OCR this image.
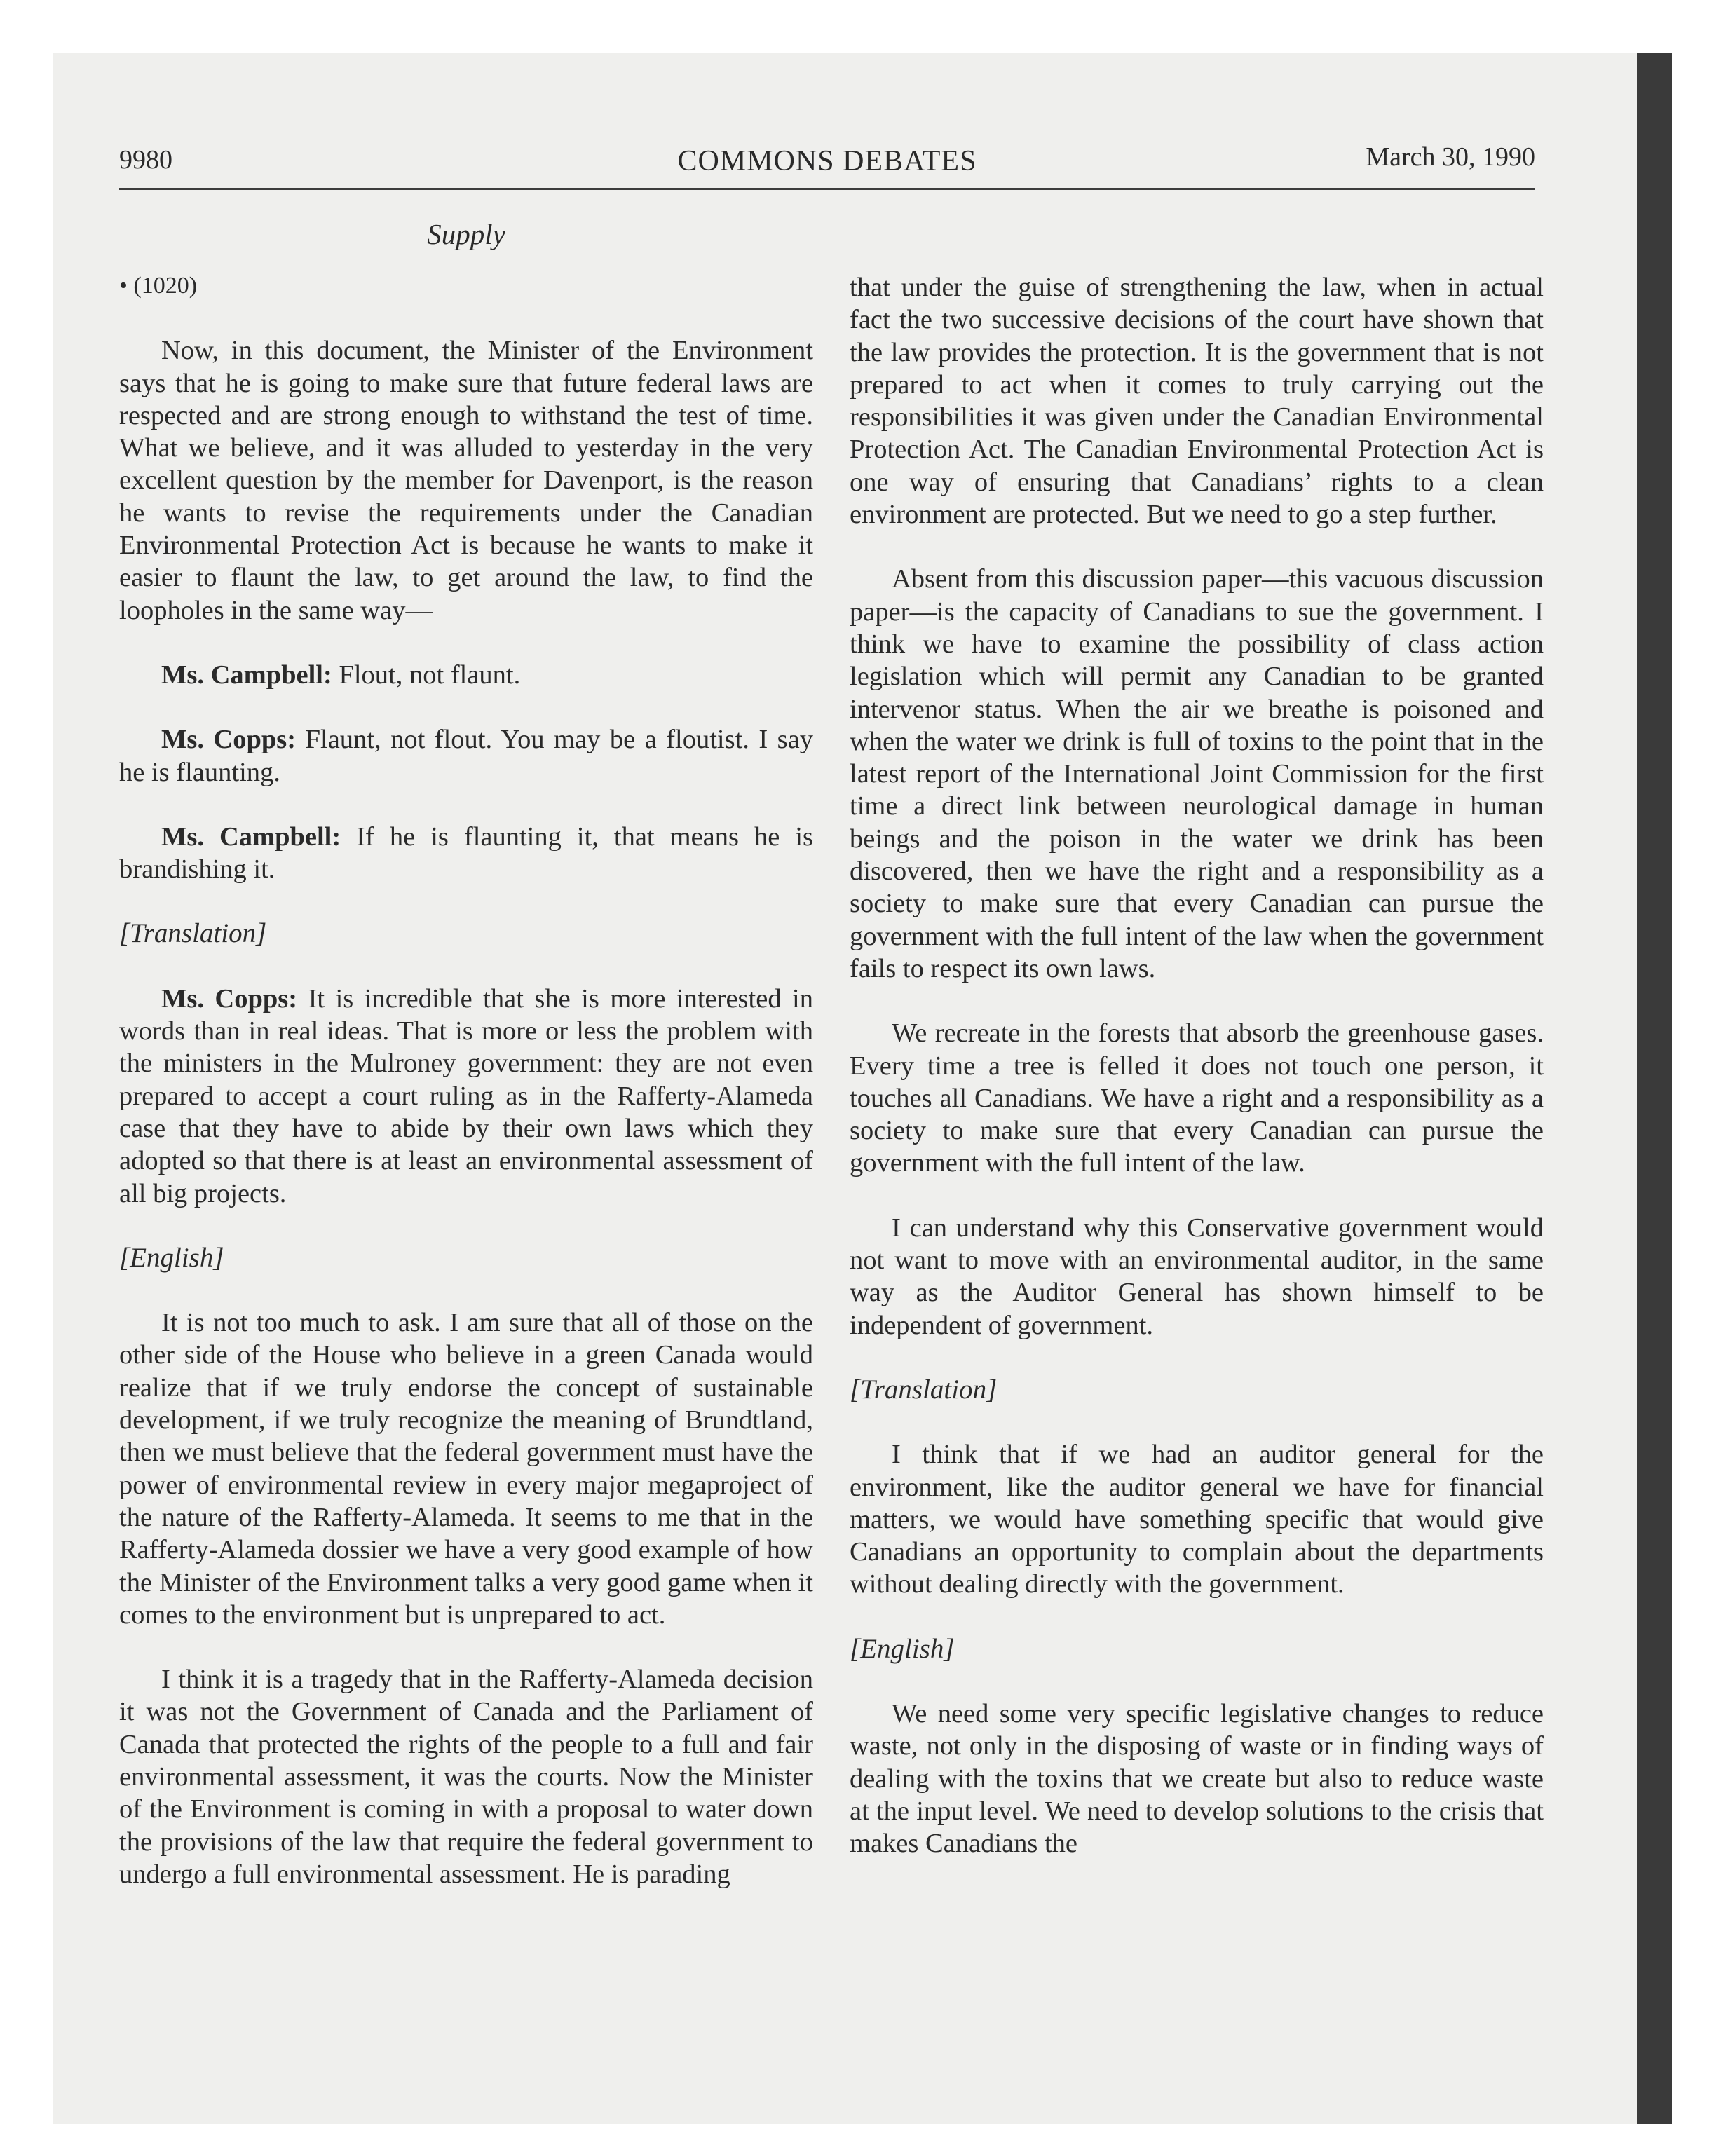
9980	COMMONS DEBATES	March 30, 1990
Supply
• (1020)

Now, in this document, the Minister of the Environment says that he is going to make sure that future federal laws are respected and are strong enough to withstand the test of time. What we believe, and it was alluded to yesterday in the very excellent question by the member for Davenport, is the reason he wants to revise the requirements under the Canadian Environmental Protection Act is because he wants to make it easier to flaunt the law, to get around the law, to find the loopholes in the same way—

Ms. Campbell: Flout, not flaunt.

Ms. Copps: Flaunt, not flout. You may be a floutist. I say he is flaunting.

Ms. Campbell: If he is flaunting it, that means he is brandishing it.

[Translation]

Ms. Copps: It is incredible that she is more interested in words than in real ideas. That is more or less the problem with the ministers in the Mulroney government: they are not even prepared to accept a court ruling as in the Rafferty-Alameda case that they have to abide by their own laws which they adopted so that there is at least an environmental assessment of all big projects.

[English]

It is not too much to ask. I am sure that all of those on the other side of the House who believe in a green Canada would realize that if we truly endorse the concept of sustainable development, if we truly recognize the meaning of Brundtland, then we must believe that the federal government must have the power of environmental review in every major megaproject of the nature of the Rafferty-Alameda. It seems to me that in the Rafferty-Alameda dossier we have a very good example of how the Minister of the Environment talks a very good game when it comes to the environment but is unprepared to act.

I think it is a tragedy that in the Rafferty-Alameda decision it was not the Government of Canada and the Parliament of Canada that protected the rights of the people to a full and fair environmental assessment, it was the courts. Now the Minister of the Environment is coming in with a proposal to water down the provisions of the law that require the federal government to undergo a full environmental assessment. He is parading

that under the guise of strengthening the law, when in actual fact the two successive decisions of the court have shown that the law provides the protection. It is the government that is not prepared to act when it comes to truly carrying out the responsibilities it was given under the Canadian Environmental Protection Act. The Canadian Environmental Protection Act is one way of ensuring that Canadians’ rights to a clean environment are protected. But we need to go a step further.

Absent from this discussion paper—this vacuous discussion paper—is the capacity of Canadians to sue the government. I think we have to examine the possibility of class action legislation which will permit any Canadian to be granted intervenor status. When the air we breathe is poisoned and when the water we drink is full of toxins to the point that in the latest report of the International Joint Commission for the first time a direct link between neurological damage in human beings and the poison in the water we drink has been discovered, then we have the right and a responsibility as a society to make sure that every Canadian can pursue the government with the full intent of the law when the government fails to respect its own laws.

We recreate in the forests that absorb the greenhouse gases. Every time a tree is felled it does not touch one person, it touches all Canadians. We have a right and a responsibility as a society to make sure that every Canadian can pursue the government with the full intent of the law.

I can understand why this Conservative government would not want to move with an environmental auditor, in the same way as the Auditor General has shown himself to be independent of government.

[Translation]

I think that if we had an auditor general for the environment, like the auditor general we have for financial matters, we would have something specific that would give Canadians an opportunity to complain about the departments without dealing directly with the government.

[English]

We need some very specific legislative changes to reduce waste, not only in the disposing of waste or in finding ways of dealing with the toxins that we create but also to reduce waste at the input level. We need to develop solutions to the crisis that makes Canadians the
